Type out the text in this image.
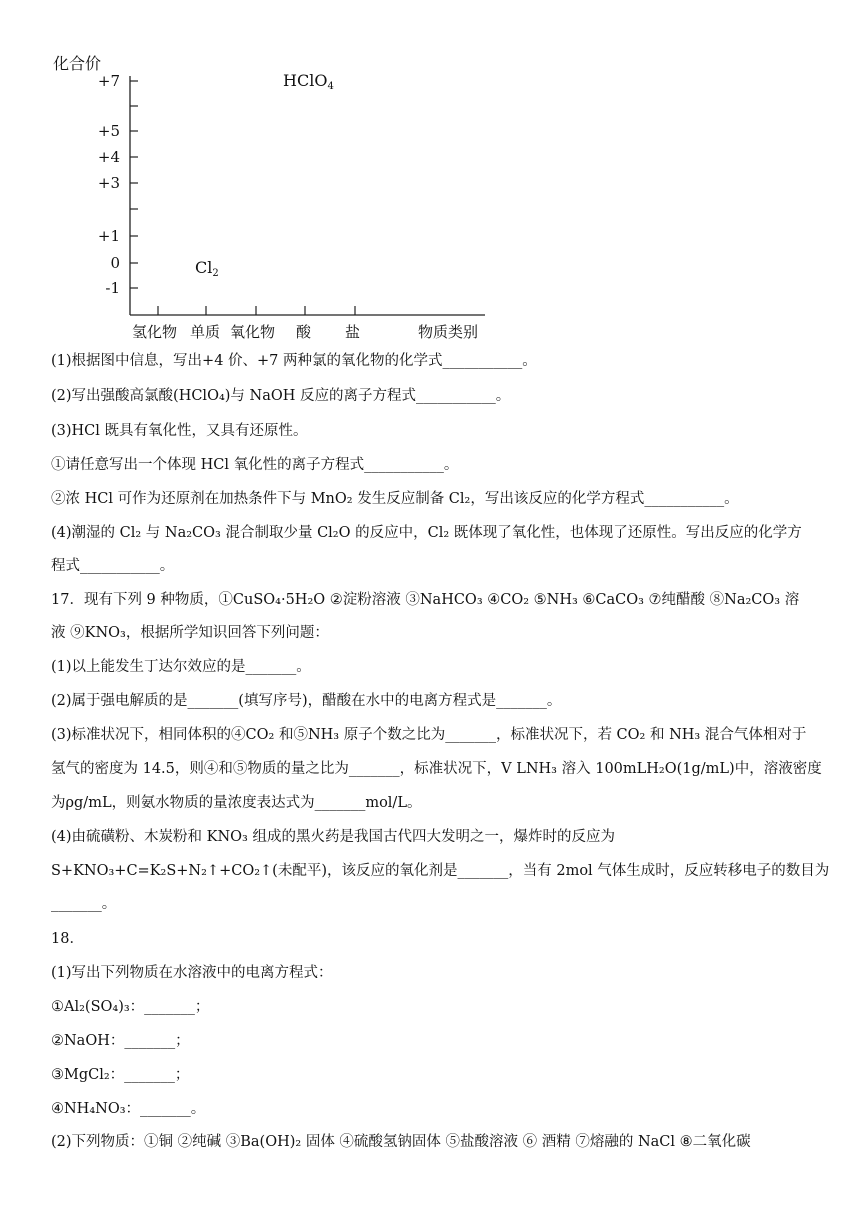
化合价
+7
+5
+4
+3
+1
0
-1
氢化物 单质 氧化物 酸 盐	物质类别
HClO$_4$
$Cl_2$
(1)根据图中信息，写出+4 价、+7 两种氯的氧化物的化学式___________。
(2)写出强酸高氯酸(HClO₄)与 NaOH 反应的离子方程式___________。
(3)HCl 既具有氧化性，又具有还原性。
①请任意写出一个体现 HCl 氧化性的离子方程式___________。
②浓 HCl 可作为还原剂在加热条件下与 MnO₂ 发生反应制备 Cl₂，写出该反应的化学方程式___________。
(4)潮湿的 Cl₂ 与 Na₂CO₃ 混合制取少量 Cl₂O 的反应中，Cl₂ 既体现了氧化性，也体现了还原性。写出反应的化学方
程式___________。
17．现有下列 9 种物质，①CuSO₄·5H₂O ②淀粉溶液 ③NaHCO₃ ④CO₂ ⑤NH₃ ⑥CaCO₃ ⑦纯醋酸 ⑧Na₂CO₃ 溶
液 ⑨KNO₃，根据所学知识回答下列问题：
(1)以上能发生丁达尔效应的是_______。
(2)属于强电解质的是_______(填写序号)，醋酸在水中的电离方程式是_______。
(3)标准状况下，相同体积的④CO₂ 和⑤NH₃ 原子个数之比为_______，标准状况下，若 CO₂ 和 NH₃ 混合气体相对于
氢气的密度为 14.5，则④和⑤物质的量之比为_______，标准状况下，V LNH₃ 溶入 100mLH₂O(1g/mL)中，溶液密度
为ρg/mL，则氨水物质的量浓度表达式为_______mol/L。
(4)由硫磺粉、木炭粉和 KNO₃ 组成的黑火药是我国古代四大发明之一，爆炸时的反应为
S+KNO₃+C=K₂S+N₂↑+CO₂↑(未配平)，该反应的氧化剂是_______，当有 2mol 气体生成时，反应转移电子的数目为
_______。
18．
(1)写出下列物质在水溶液中的电离方程式：
①Al₂(SO₄)₃：_______；
②NaOH：_______；
③MgCl₂：_______；
④NH₄NO₃：_______。
(2)下列物质：①铜 ②纯碱 ③Ba(OH)₂ 固体 ④硫酸氢钠固体 ⑤盐酸溶液 ⑥ 酒精 ⑦熔融的 NaCl ⑧二氧化碳
